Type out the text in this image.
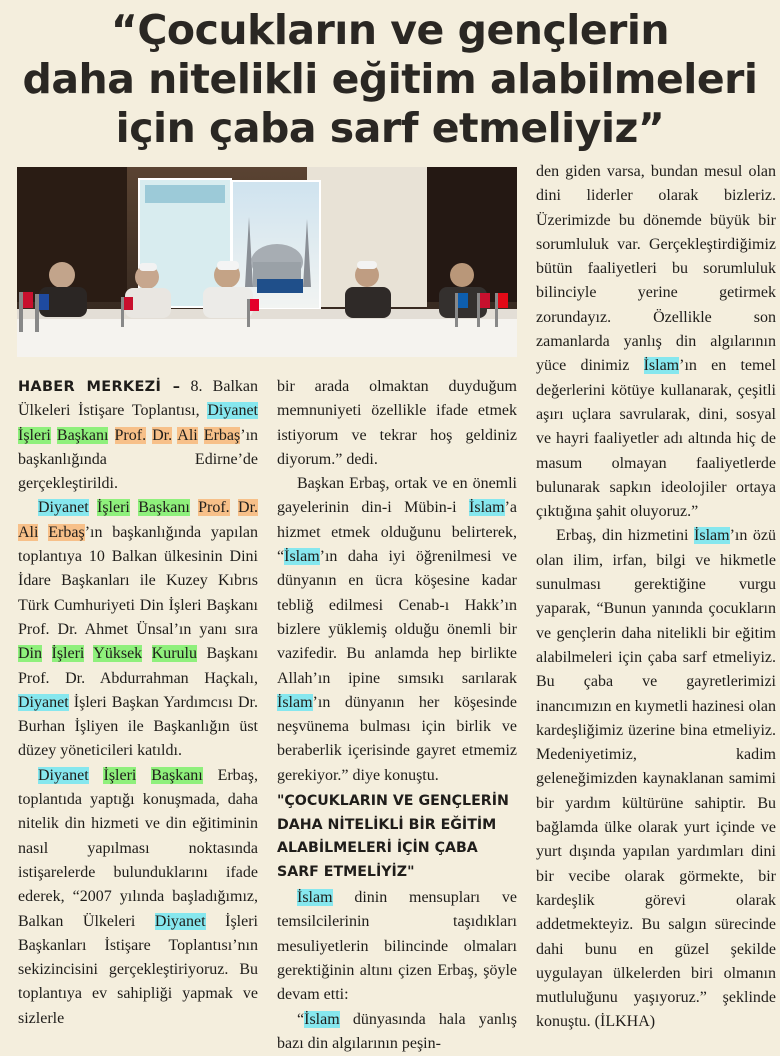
“Çocukların ve gençlerin
daha nitelikli eğitim alabilmeleri
için çaba sarf etmeliyiz”

HABER MERKEZİ – 8. Balkan Ülkeleri İstişare Toplantısı, Diyanet İşleri Başkanı Prof. Dr. Ali Erbaş’ın başkanlığında Edirne’de gerçekleştirildi.

Diyanet İşleri Başkanı Prof. Dr. Ali Erbaş’ın başkanlığında yapılan toplantıya 10 Balkan ülkesinin Dini İdare Başkanları ile Kuzey Kıbrıs Türk Cumhuriyeti Din İşleri Başkanı Prof. Dr. Ahmet Ünsal’ın yanı sıra Din İşleri Yüksek Kurulu Başkanı Prof. Dr. Abdurrahman Haçkalı, Diyanet İşleri Başkan Yardımcısı Dr. Burhan İşliyen ile Başkanlığın üst düzey yöneticileri katıldı.

Diyanet İşleri Başkanı Erbaş, toplantıda yaptığı konuşmada, daha nitelik din hizmeti ve din eğitiminin nasıl yapılması noktasında istişarelerde bulunduklarını ifade ederek, “2007 yılında başladığımız, Balkan Ülkeleri Diyanet İşleri Başkanları İstişare Toplantısı’nın sekizincisini gerçekleştiriyoruz. Bu toplantıya ev sahipliği yapmak ve sizlerle

bir arada olmaktan duyduğum memnuniyeti özellikle ifade etmek istiyorum ve tekrar hoş geldiniz diyorum.” dedi.

Başkan Erbaş, ortak ve en önemli gayelerinin din-i Mübin-i İslam’a hizmet etmek olduğunu belirterek, “İslam’ın daha iyi öğrenilmesi ve dünyanın en ücra köşesine kadar tebliğ edilmesi Cenab-ı Hakk’ın bizlere yüklemiş olduğu önemli bir vazifedir. Bu anlamda hep birlikte Allah’ın ipine sımsıkı sarılarak İslam’ın dünyanın her köşesinde neşvünema bulması için birlik ve beraberlik içerisinde gayret etmemiz gerekiyor.” diye konuştu.

"ÇOCUKLARIN VE GENÇLERİN DAHA NİTELİKLİ BİR EĞİTİM ALABİLMELERİ İÇİN ÇABA SARF ETMELİYİZ"

İslam dinin mensupları ve temsilcilerinin taşıdıkları mesuliyetlerin bilincinde olmaları gerektiğinin altını çizen Erbaş, şöyle devam etti:

“İslam dünyasında hala yanlış bazı din algılarının peşin-

den giden varsa, bundan mesul olan dini liderler olarak bizleriz. Üzerimizde bu dönemde büyük bir sorumluluk var. Gerçekleştirdiğimiz bütün faaliyetleri bu sorumluluk bilinciyle yerine getirmek zorundayız. Özellikle son zamanlarda yanlış din algılarının yüce dinimiz İslam’ın en temel değerlerini kötüye kullanarak, çeşitli aşırı uçlara savrularak, dini, sosyal ve hayri faaliyetler adı altında hiç de masum olmayan faaliyetlerde bulunarak sapkın ideolojiler ortaya çıktığına şahit oluyoruz.”

Erbaş, din hizmetini İslam’ın özü olan ilim, irfan, bilgi ve hikmetle sunulması gerektiğine vurgu yaparak, “Bunun yanında çocukların ve gençlerin daha nitelikli bir eğitim alabilmeleri için çaba sarf etmeliyiz. Bu çaba ve gayretlerimizi inancımızın en kıymetli hazinesi olan kardeşliğimiz üzerine bina etmeliyiz. Medeniyetimiz, kadim geleneğimizden kaynaklanan samimi bir yardım kültürüne sahiptir. Bu bağlamda ülke olarak yurt içinde ve yurt dışında yapılan yardımları dini bir vecibe olarak görmekte, bir kardeşlik görevi olarak addetmekteyiz. Bu salgın sürecinde dahi bunu en güzel şekilde uygulayan ülkelerden biri olmanın mutluluğunu yaşıyoruz.” şeklinde konuştu. (İLKHA)
